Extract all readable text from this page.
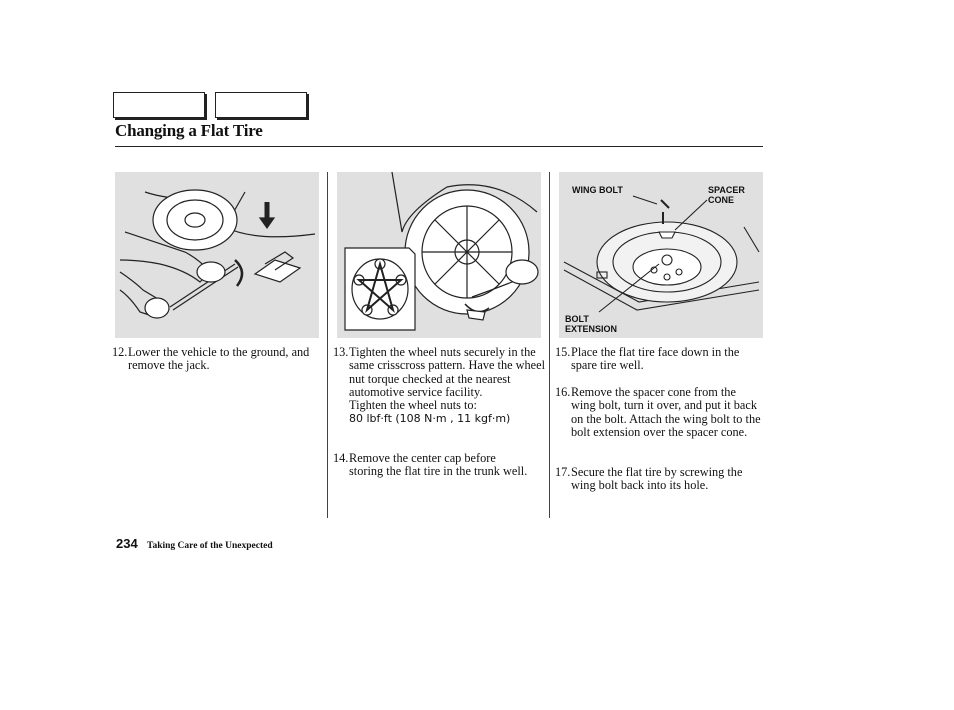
Changing a Flat Tire
WING BOLT	SPACER
CONE
BOLT
EXTENSION
12. Lower the vehicle to the ground, and remove the jack.
13. Tighten the wheel nuts securely in the same crisscross pattern. Have the wheel nut torque checked at the nearest automotive service facility.
Tighten the wheel nuts to:
80 lbf·ft (108 N·m , 11 kgf·m)
14. Remove the center cap before storing the flat tire in the trunk well.
15. Place the flat tire face down in the spare tire well.
16. Remove the spacer cone from the wing bolt, turn it over, and put it back on the bolt. Attach the wing bolt to the bolt extension over the spacer cone.
17. Secure the flat tire by screwing the wing bolt back into its hole.
234 Taking Care of the Unexpected
